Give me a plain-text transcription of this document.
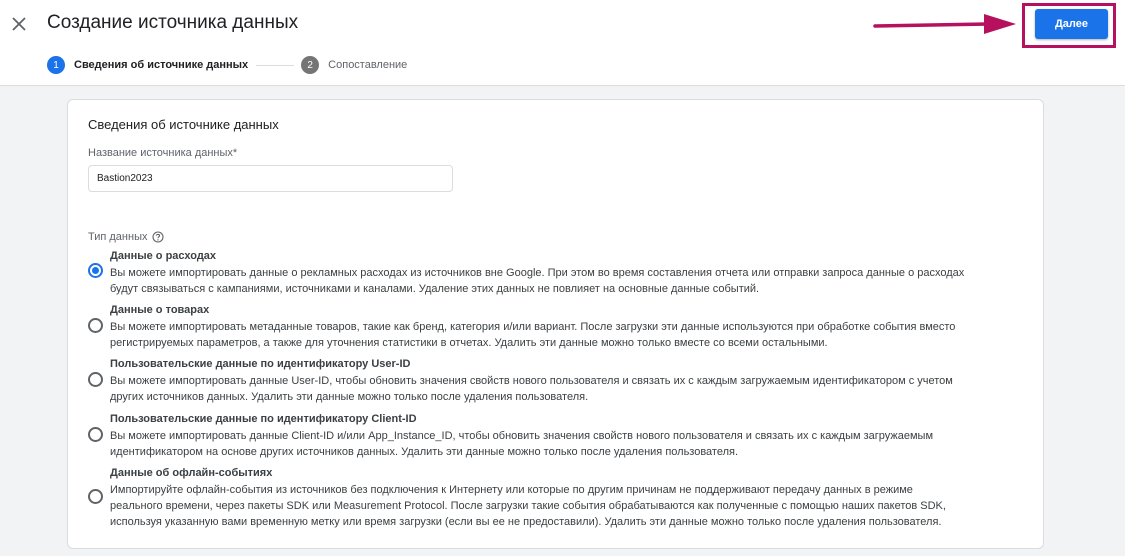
Создание источника данных
1	Сведения об источнике данных	2	Сопоставление
Далее
Сведения об источнике данных
Название источника данных*
Bastion2023
Тип данных
Данные о расходах
Вы можете импортировать данные о рекламных расходах из источников вне Google. При этом во время составления отчета или отправки запроса данные о расходах
будут связываться с кампаниями, источниками и каналами. Удаление этих данных не повлияет на основные данные событий.
Данные о товарах
Вы можете импортировать метаданные товаров, такие как бренд, категория и/или вариант. После загрузки эти данные используются при обработке события вместо
регистрируемых параметров, а также для уточнения статистики в отчетах. Удалить эти данные можно только вместе со всеми остальными.
Пользовательские данные по идентификатору User-ID
Вы можете импортировать данные User-ID, чтобы обновить значения свойств нового пользователя и связать их с каждым загружаемым идентификатором с учетом
других источников данных. Удалить эти данные можно только после удаления пользователя.
Пользовательские данные по идентификатору Client-ID
Вы можете импортировать данные Client-ID и/или App_Instance_ID, чтобы обновить значения свойств нового пользователя и связать их с каждым загружаемым
идентификатором на основе других источников данных. Удалить эти данные можно только после удаления пользователя.
Данные об офлайн-событиях
Импортируйте офлайн-события из источников без подключения к Интернету или которые по другим причинам не поддерживают передачу данных в режиме
реального времени, через пакеты SDK или Measurement Protocol. После загрузки такие события обрабатываются как полученные с помощью наших пакетов SDK,
используя указанную вами временную метку или время загрузки (если вы ее не предоставили). Удалить эти данные можно только после удаления пользователя.
